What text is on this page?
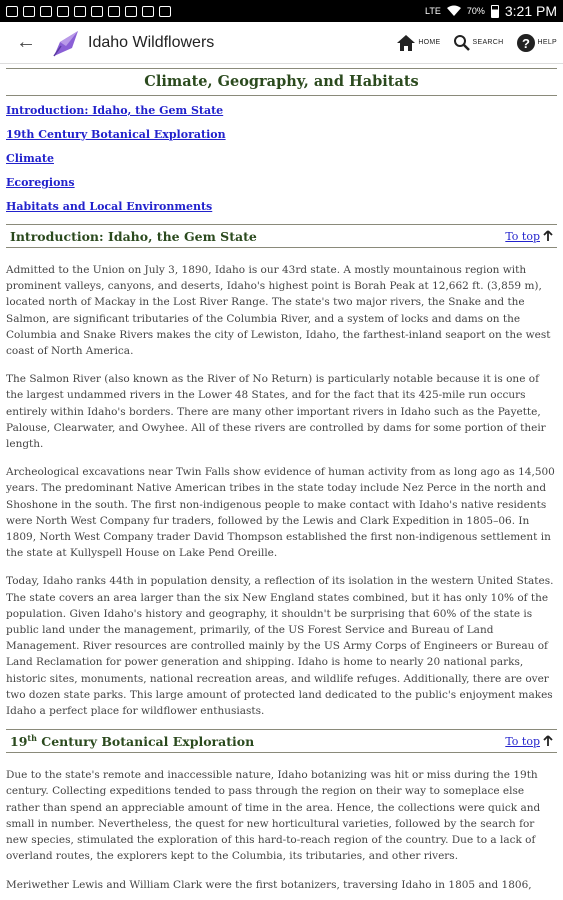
LTE	70% 3:21 PM
←	Idaho Wildflowers	HOME	SEARCH ? HELP
Climate, Geography, and Habitats
Introduction: Idaho, the Gem State
19th Century Botanical Exploration
Climate
Ecoregions
Habitats and Local Environments
Introduction: Idaho, the Gem State	To top

Admitted to the Union on July 3, 1890, Idaho is our 43rd state. A mostly mountainous region with prominent valleys, canyons, and deserts, Idaho's highest point is Borah Peak at 12,662 ft. (3,859 m), located north of Mackay in the Lost River Range. The state's two major rivers, the Snake and the Salmon, are significant tributaries of the Columbia River, and a system of locks and dams on the Columbia and Snake Rivers makes the city of Lewiston, Idaho, the farthest-inland seaport on the west coast of North America.

The Salmon River (also known as the River of No Return) is particularly notable because it is one of the largest undammed rivers in the Lower 48 States, and for the fact that its 425-mile run occurs entirely within Idaho's borders. There are many other important rivers in Idaho such as the Payette, Palouse, Clearwater, and Owyhee. All of these rivers are controlled by dams for some portion of their length.

Archeological excavations near Twin Falls show evidence of human activity from as long ago as 14,500 years. The predominant Native American tribes in the state today include Nez Perce in the north and Shoshone in the south. The first non-indigenous people to make contact with Idaho's native residents were North West Company fur traders, followed by the Lewis and Clark Expedition in 1805–06. In 1809, North West Company trader David Thompson established the first non-indigenous settlement in the state at Kullyspell House on Lake Pend Oreille.

Today, Idaho ranks 44th in population density, a reflection of its isolation in the western United States. The state covers an area larger than the six New England states combined, but it has only 10% of the population. Given Idaho's history and geography, it shouldn't be surprising that 60% of the state is public land under the management, primarily, of the US Forest Service and Bureau of Land Management. River resources are controlled mainly by the US Army Corps of Engineers or Bureau of Land Reclamation for power generation and shipping. Idaho is home to nearly 20 national parks, historic sites, monuments, national recreation areas, and wildlife refuges. Additionally, there are over two dozen state parks. This large amount of protected land dedicated to the public's enjoyment makes Idaho a perfect place for wildflower enthusiasts.

19th Century Botanical Exploration	To top

Due to the state's remote and inaccessible nature, Idaho botanizing was hit or miss during the 19th century. Collecting expeditions tended to pass through the region on their way to someplace else rather than spend an appreciable amount of time in the area. Hence, the collections were quick and small in number. Nevertheless, the quest for new horticultural varieties, followed by the search for new species, stimulated the exploration of this hard-to-reach region of the country. Due to a lack of overland routes, the explorers kept to the Columbia, its tributaries, and other rivers.

Meriwether Lewis and William Clark were the first botanizers, traversing Idaho in 1805 and 1806,
